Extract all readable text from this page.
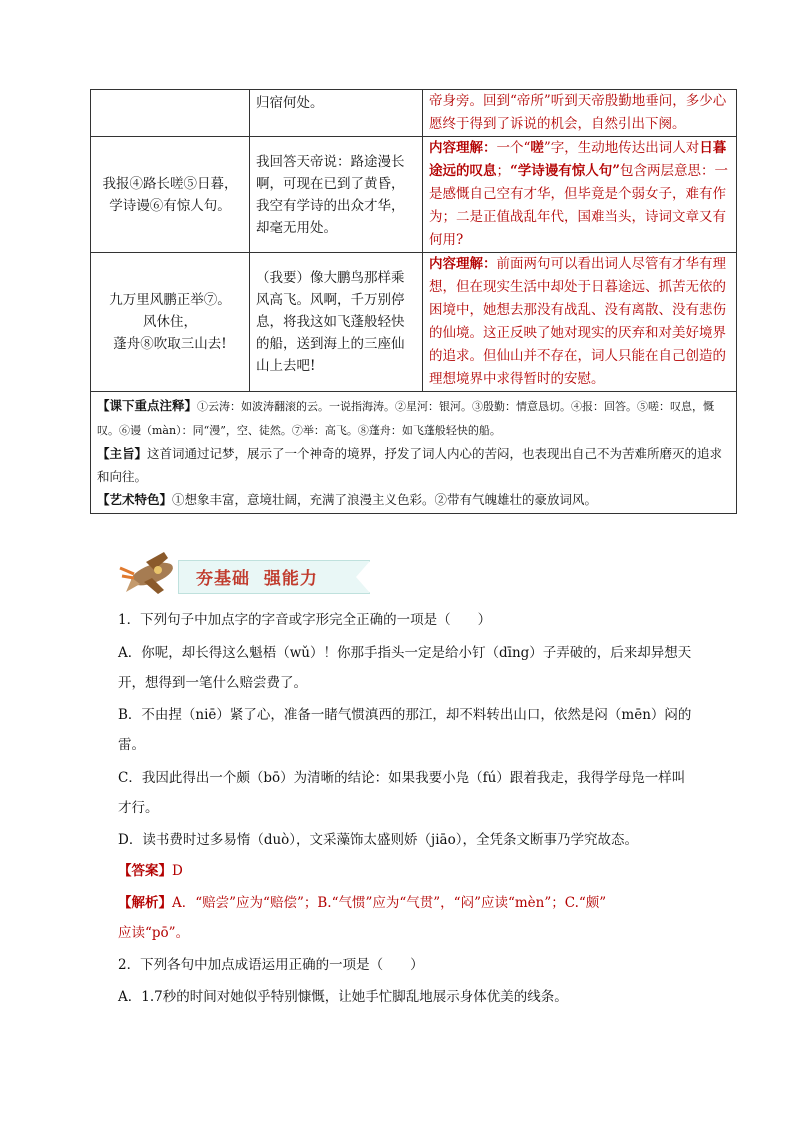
	归宿何处。	帝身旁。回到“帝所”听到天帝殷勤地垂问，多少心愿终于得到了诉说的机会，自然引出下阕。

我报④路长嗟⑤日暮，
学诗谩⑥有惊人句。	我回答天帝说：路途漫长啊，可现在已到了黄昏，我空有学诗的出众才华，却毫无用处。	内容理解：一个“嗟”字，生动地传达出词人对日暮途远的叹息；“学诗谩有惊人句”包含两层意思：一是感慨自己空有才华，但毕竟是个弱女子，难有作为；二是正值战乱年代，国难当头，诗词文章又有何用?

九万里风鹏正举⑦。
风休住，
蓬舟⑧吹取三山去!	（我要）像大鹏鸟那样乘风高飞。风啊，千万别停息，将我这如飞蓬般轻快的船，送到海上的三座仙山上去吧!	内容理解：前面两句可以看出词人尽管有才华有理想，但在现实生活中却处于日暮途远、抓苦无依的困境中，她想去那没有战乱、没有离散、没有悲伤的仙境。这正反映了她对现实的厌弃和对美好境界的追求。但仙山并不存在，词人只能在自己创造的理想境界中求得暂时的安慰。

【课下重点注释】①云涛：如波涛翻滚的云。一说指海涛。②星河：银河。③殷勤：情意恳切。④报：回答。⑤嗟：叹息，慨叹。⑥谩（màn）：同“漫”，空、徒然。⑦举：高飞。⑧蓬舟：如飞蓬般轻快的船。
【主旨】这首词通过记梦，展示了一个神奇的境界，抒发了词人内心的苦闷，也表现出自己不为苦难所磨灭的追求和向往。
【艺术特色】①想象丰富，意境壮阔，充满了浪漫主义色彩。②带有气魄雄壮的豪放词风。		
夯基础  强能力
1．下列句子中加点字的字音或字形完全正确的一项是（　　）
A．你呢，却长得这么魁梧（wǔ）！你那手指头一定是给小钉（dīng）子弄破的，后来却异想天
开，想得到一笔什么赔尝费了。
B．不由捏（niē）紧了心，准备一睹气惯滇西的那江，却不料转出山口，依然是闷（mēn）闷的
雷。
C．我因此得出一个颇（bō）为清晰的结论：如果我要小凫（fú）跟着我走，我得学母凫一样叫
才行。
D．读书费时过多易惰（duò），文采藻饰太盛则娇（jiāo），全凭条文断事乃学究故态。
【答案】D
【解析】A．“赔尝”应为“赔偿”；B.“气惯”应为“气贯”，“闷”应读“mèn”；C.“颇”
应读“pō”。
2．下列各句中加点成语运用正确的一项是（　　）
A．1.7秒的时间对她似乎特别慷慨，让她手忙脚乱地展示身体优美的线条。
